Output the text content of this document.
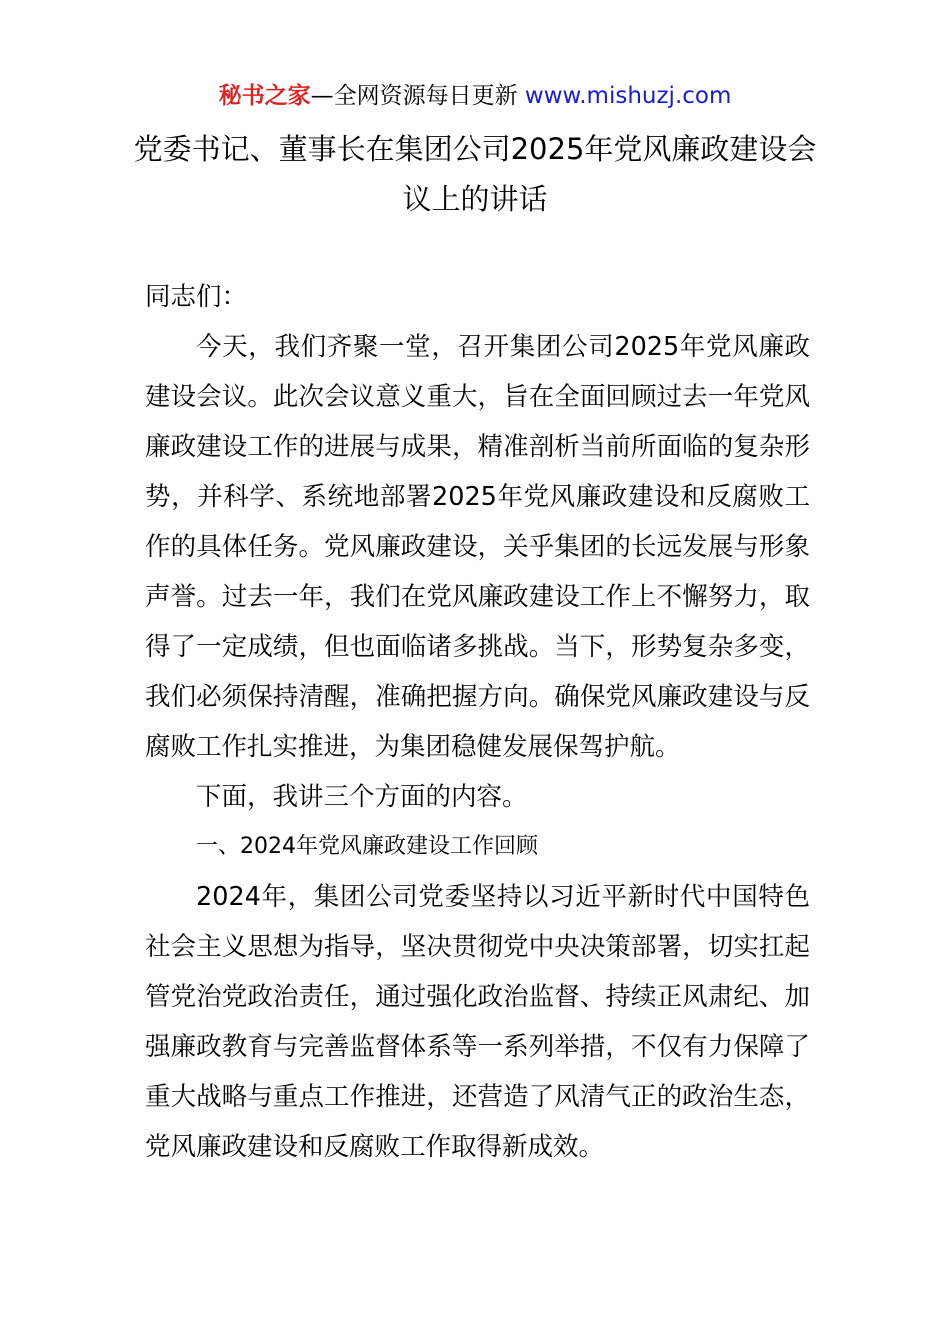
秘书之家—全网资源每日更新 www.mishuzj.com
党委书记、董事长在集团公司2025年党风廉政建设会议上的讲话

同志们：

今天，我们齐聚一堂，召开集团公司2025年党风廉政建设会议。此次会议意义重大，旨在全面回顾过去一年党风廉政建设工作的进展与成果，精准剖析当前所面临的复杂形势，并科学、系统地部署2025年党风廉政建设和反腐败工作的具体任务。党风廉政建设，关乎集团的长远发展与形象声誉。过去一年，我们在党风廉政建设工作上不懈努力，取得了一定成绩，但也面临诸多挑战。当下，形势复杂多变，我们必须保持清醒，准确把握方向。确保党风廉政建设与反腐败工作扎实推进，为集团稳健发展保驾护航。

下面，我讲三个方面的内容。

一、2024年党风廉政建设工作回顾

2024年，集团公司党委坚持以习近平新时代中国特色社会主义思想为指导，坚决贯彻党中央决策部署，切实扛起管党治党政治责任，通过强化政治监督、持续正风肃纪、加强廉政教育与完善监督体系等一系列举措，不仅有力保障了重大战略与重点工作推进，还营造了风清气正的政治生态，党风廉政建设和反腐败工作取得新成效。
